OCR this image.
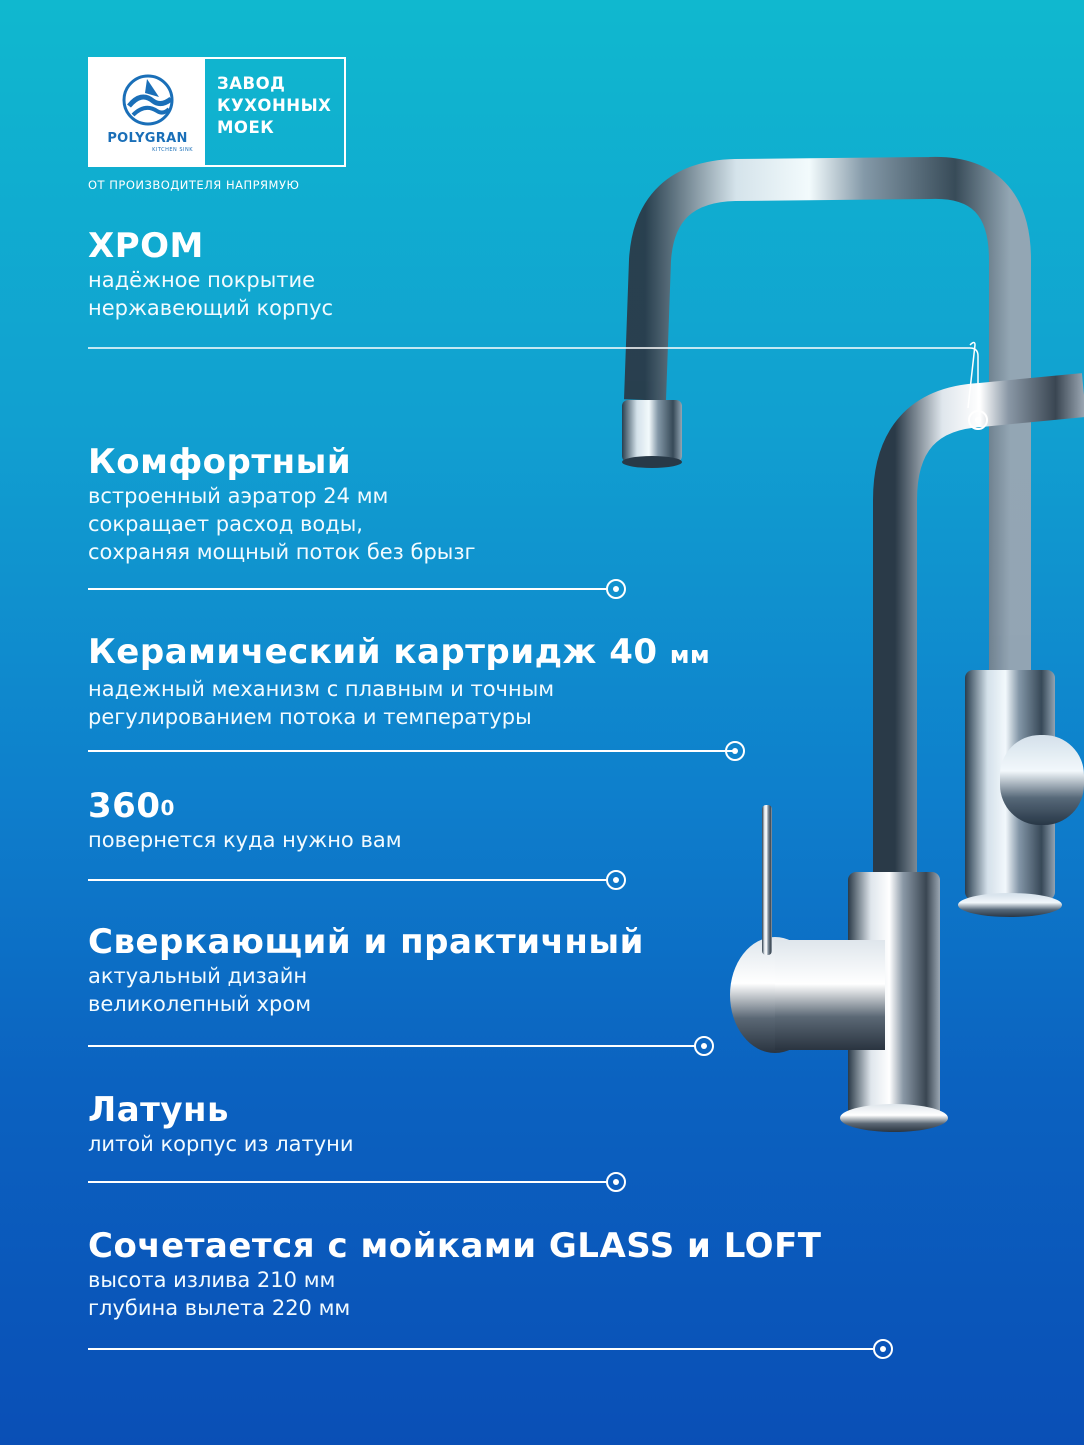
POLYGRAN
KITCHEN SINK
ЗАВОД
КУХОННЫХ
МОЕК
ОТ ПРОИЗВОДИТЕЛЯ НАПРЯМУЮ
ХРОМ

надёжное покрытие

нержавеющий корпус

Комфортный

встроенный аэратор 24 мм

сокращает расход воды,

сохраняя мощный поток без брызг

Керамический картридж 40 мм

надежный механизм с плавным и точным

регулированием потока и температуры

$360^0$

повернется куда нужно вам

Сверкающий и практичный

актуальный дизайн

великолепный хром

Латунь

литой корпус из латуни

Сочетается с мойками GLASS и LOFT

высота излива 210 мм

глубина вылета 220 мм
